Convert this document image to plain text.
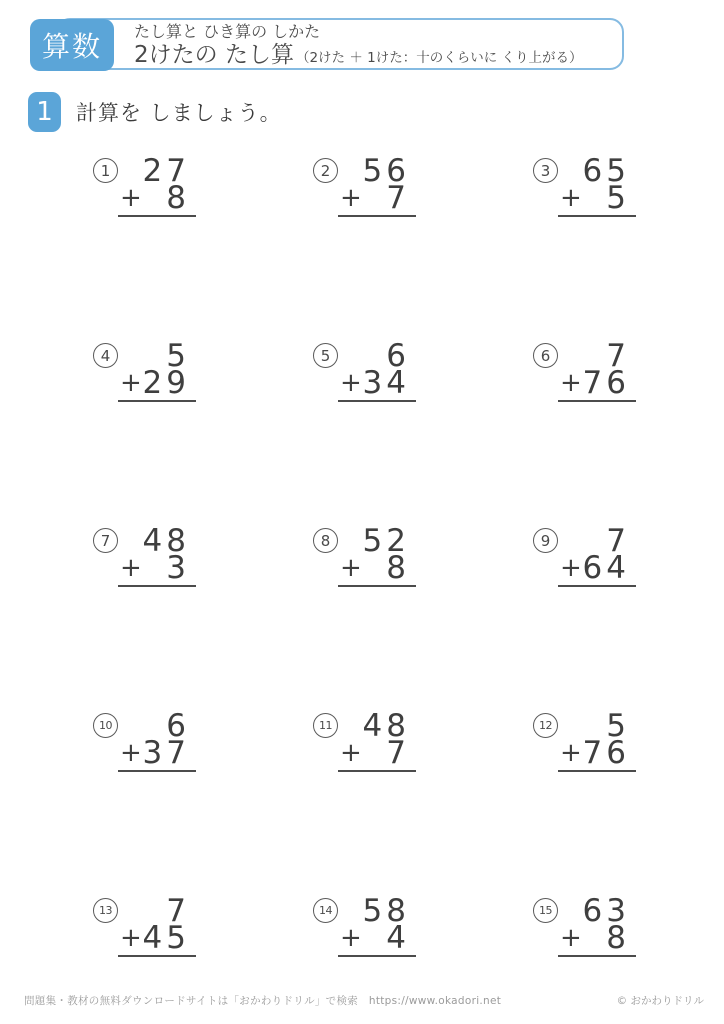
算数 たし算と ひき算の しかた
2けたの たし算 （2けた ＋ 1けた：十のくらいに くり上がる）
1 計算を しましょう。
1	27
+ 8
2	56
+ 7
3	65
+ 5
4	5
+ 29
5	6
+ 34
6	7
+ 76
7	48
+ 3
8	52
+ 8
9	7
+ 64
10	6
+ 37
11 48
+ 7
12	5
+ 76
13	7
+ 45
14 58
+ 4
15 63
+ 8
問題集・教材の無料ダウンロードサイトは「おかわりドリル」で検索　https://www.okadori.net	© おかわりドリル
